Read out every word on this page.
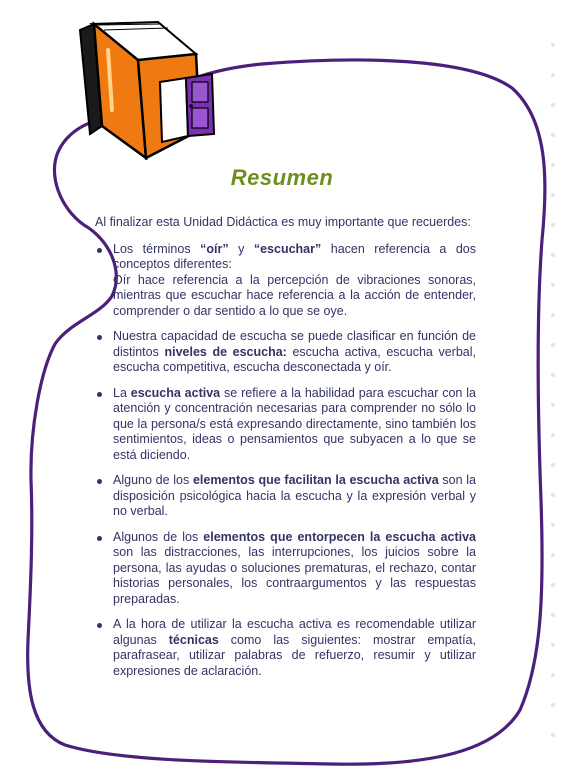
Resumen

Al finalizar esta Unidad Didáctica es muy importante que recuerdes:

Los términos “oír” y “escuchar” hacen referencia a dos conceptos diferentes:
Oír hace referencia a la percepción de vibraciones sonoras, mientras que escuchar hace referencia a la acción de entender, comprender o dar sentido a lo que se oye.
Nuestra capacidad de escucha se puede clasificar en función de distintos niveles de escucha: escucha activa, escucha verbal, escucha competitiva, escucha desconectada y oír.
La escucha activa se refiere a la habilidad para escuchar con la atención y concentración necesarias para comprender no sólo lo que la persona/s está expresando directamente, sino también los sentimientos, ideas o pensamientos que subyacen a lo que se está diciendo.
Alguno de los elementos que facilitan la escucha activa son la disposición psicológica hacia la escucha y la expresión verbal y no verbal.
Algunos de los elementos que entorpecen la escucha activa son las distracciones, las interrupciones, los juicios sobre la persona, las ayudas o soluciones prematuras, el rechazo, contar historias personales, los contraargumentos y las respuestas preparadas.
A la hora de utilizar la escucha activa es recomendable utilizar algunas técnicas como las siguientes: mostrar empatía, parafrasear, utilizar palabras de refuerzo, resumir y utilizar expresiones de aclaración.
